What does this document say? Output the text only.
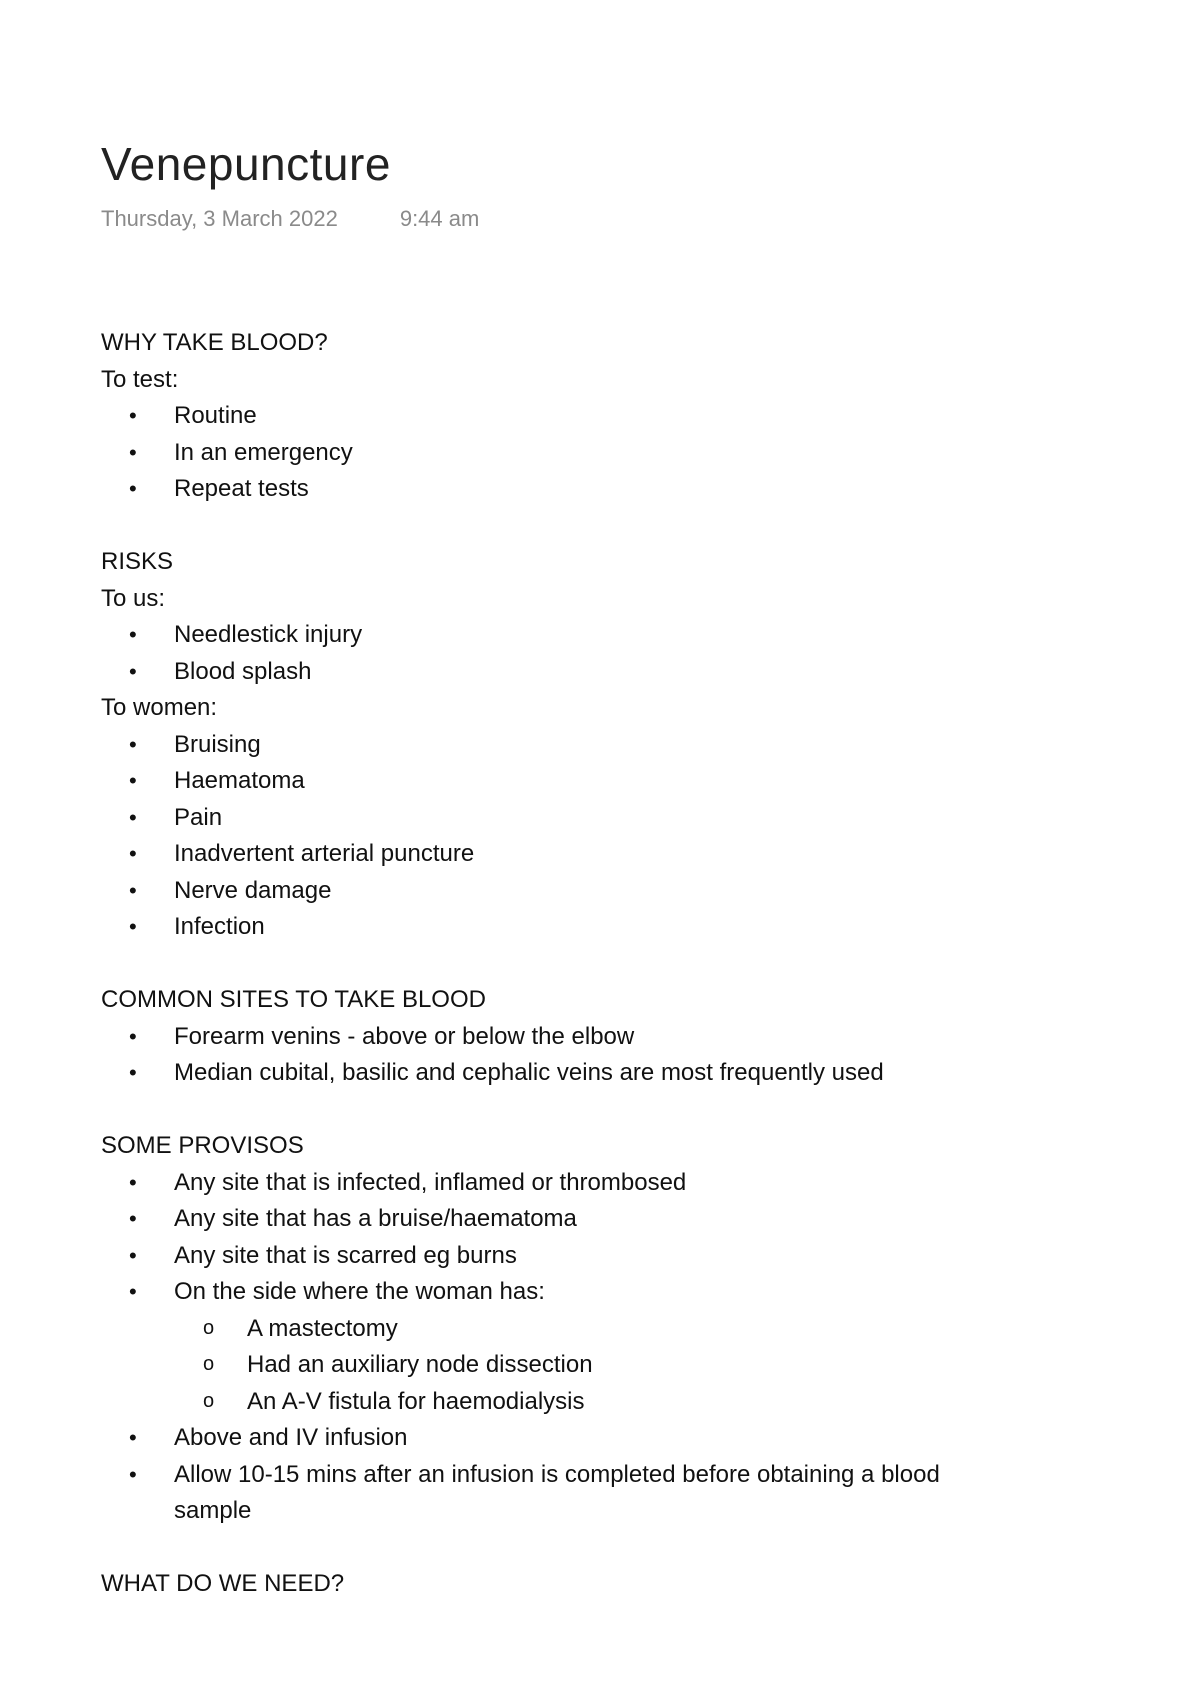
Venepuncture
Thursday, 3 March 2022	9:44 am
WHY TAKE BLOOD?
To test:
• Routine
• In an emergency
• Repeat tests
RISKS
To us:
• Needlestick injury
• Blood splash
To women:
• Bruising
• Haematoma
• Pain
• Inadvertent arterial puncture
• Nerve damage
• Infection
COMMON SITES TO TAKE BLOOD
• Forearm venins - above or below the elbow
• Median cubital, basilic and cephalic veins are most frequently used
SOME PROVISOS
• Any site that is infected, inflamed or thrombosed
• Any site that has a bruise/haematoma
• Any site that is scarred eg burns
• On the side where the woman has:
o A mastectomy
o Had an auxiliary node dissection
o An A-V fistula for haemodialysis
• Above and IV infusion
• Allow 10-15 mins after an infusion is completed before obtaining a blood sample
WHAT DO WE NEED?
